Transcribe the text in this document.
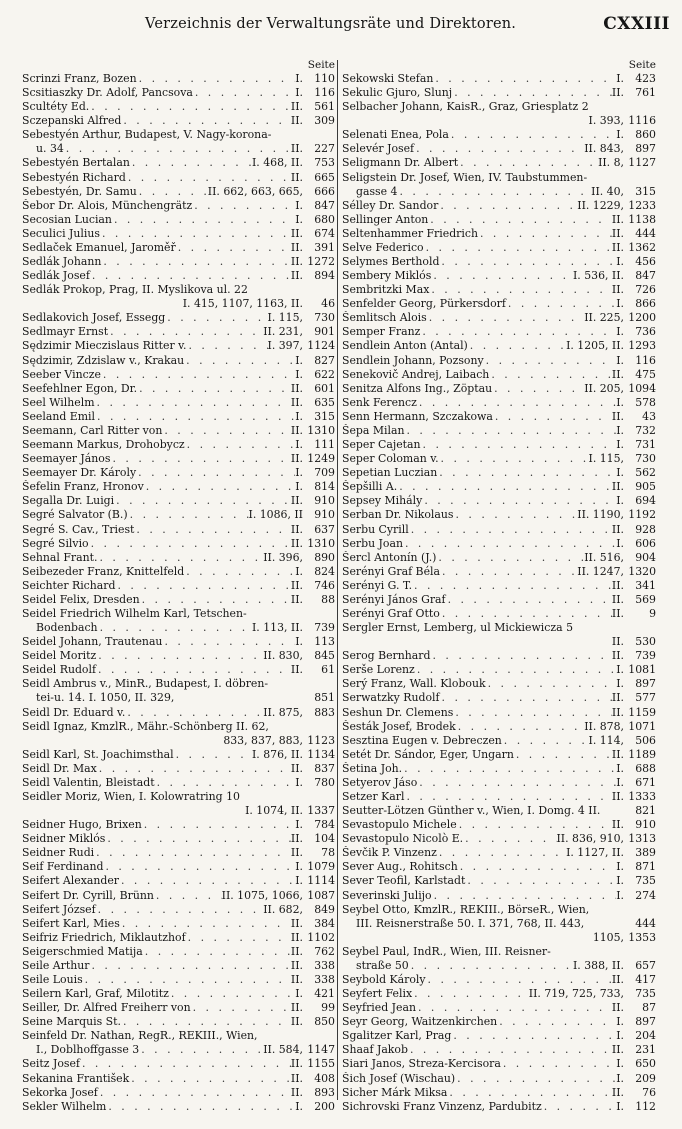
Verzeichnis der Verwaltungsräte und Direktoren.	CXXIII
Seite
Scrinzi Franz, Bozen . . .	I.	110
Scsitiaszky Dr. Adolf, Pancsova . . .	I.	116
Scultéty Ed. . . .	II.	561
Sczepanski Alfred . . .	II.	309
Sebestyén Arthur, Budapest, V. Nagy-korona-
u. 34 . . .	II.	227
Sebestyén Bertalan . . .	I. 468, II.	753
Sebestyén Richard . . .	II.	665
Sebestyén, Dr. Samu . . .	II. 662, 663, 665,	666
Šebor Dr. Alois, Münchengrätz . . .	I.	847
Secosian Lucian . . .	I.	680
Seculici Julius . . .	II.	674
Sedlaček Emanuel, Jaroměř . . .	II.	391
Sedlák Johann . . .	II. 1272
Sedlák Josef . . .	II.	894
Sedlák Prokop, Prag, II. Myslikova ul. 22
I. 415, 1107, 1163, II.	46
Sedlakovich Josef, Essegg . . .	I. 115,	730
Sedlmayr Ernst . . .	II. 231,	901
Sędzimir Mieczislaus Ritter v. . . .	I. 397, 1124
Sędzimir, Zdzislaw v., Krakau . . .	I.	827
Seeber Vincze . . .	I.	622
Seefehlner Egon, Dr. . . .	II.	601
Seel Wilhelm . . .	II.	635
Seeland Emil . . .	I.	315
Seemann, Carl Ritter von . . .	II. 1310
Seemann Markus, Drohobycz . . .	I.	111
Seemayer János . . .	II. 1249
Seemayer Dr. Károly . . .	I.	709
Šefelin Franz, Hronov . . .	I.	814
Segalla Dr. Luigi . . .	II.	910
Segré Salvator (B.) . . .	I. 1086, II	910
Segré S. Cav., Triest . . .	II.	637
Segré Silvio . . .	II. 1310
Sehnal Frant. . . .	II. 396,	890
Seibezeder Franz, Knittelfeld . . .	I.	824
Seichter Richard . . .	II.	746
Seidel Felix, Dresden . . .	II.	88
Seidel Friedrich Wilhelm Karl, Tetschen-
Bodenbach . . .	I. 113, II.	739
Seidel Johann, Trautenau . . .	I.	113
Seidel Moritz . . .	II. 830,	845
Seidel Rudolf . . .	II.	61
Seidl Ambrus v., MinR., Budapest, I. döbren-
tei-u. 14. I. 1050, II. 329,	851
Seidl Dr. Eduard v. . . .	II. 875,	883
Seidl Ignaz, KmzlR., Mähr.-Schönberg II. 62,
833, 837, 883, 1123
Seidl Karl, St. Joachimsthal . . .	I. 876, II. 1134
Seidl Dr. Max . . .	II.	837
Seidl Valentin, Bleistadt . . .	I.	780
Seidler Moriz, Wien, I. Kolowratring 10
I. 1074, II. 1337
Seidner Hugo, Brixen . . .	I.	784
Seidner Miklós . . .	II.	104
Seidner Rudi . . .	II.	78
Seif Ferdinand . . .	I. 1079
Seifert Alexander . . .	I. 1114
Seifert Dr. Cyrill, Brünn . . .	II. 1075, 1066, 1087
Seifert József . . .	II. 682,	849
Seifert Karl, Mies . . .	II.	384
Seifriz Friedrich, Miklautzhof . . .	II. 1102
Seigerschmied Matija . . .	II.	762
Seile Arthur . . .	II.	338
Seile Louis . . .	II.	338
Seilern Karl, Graf, Milotitz . . .	I.	421
Seiller, Dr. Alfred Freiherr von . . .	II.	99
Seine Marquis St. . . .	II.	850
Seinfeld Dr. Nathan, RegR., REKIII., Wien,
I., Doblhoffgasse 3 . . .	II. 584, 1147
Seitz Josef . . .	II. 1155
Sekanina František . . .	II.	408
Sekorka Josef . . .	II.	893
Sekler Wilhelm . . .	I.	200
Seite
Sekowski Stefan . . .	I.	423
Sekulic Gjuro, Slunj . . .	II.	761
Selbacher Johann, KaisR., Graz, Griesplatz 2
I. 393, 1116
Selenati Enea, Pola . . .	I.	860
Selevér Josef . . .	II. 843,	897
Seligmann Dr. Albert . . .	II. 8, 1127
Seligstein Dr. Josef, Wien, IV. Taubstummen-
gasse 4 . . .	II. 40,	315
Sélley Dr. Sandor . . .	II. 1229, 1233
Sellinger Anton . . .	II. 1138
Seltenhammer Friedrich . . .	II.	444
Selve Federico . . .	II. 1362
Selymes Berthold . . .	I.	456
Sembery Miklós . . .	I. 536, II.	847
Sembritzki Max . . .	II.	726
Senfelder Georg, Pürkersdorf . . .	I.	866
Šemlitsch Alois . . .	II. 225, 1200
Semper Franz . . .	I.	736
Sendlein Anton (Antal) . . .	I. 1205, II. 1293
Sendlein Johann, Pozsony . . .	I.	116
Senekovič Andrej, Laibach . . .	II.	475
Senitza Alfons Ing., Zöptau . . .	II. 205, 1094
Senk Ferencz . . .	I.	578
Senn Hermann, Szczakowa . . .	II.	43
Šepa Milan . . .	I.	732
Seper Cajetan . . .	I.	731
Seper Coloman v. . . .	I. 115,	730
Sepetian Luczian . . .	I.	562
Šepšilli A. . . .	II.	905
Sepsey Mihály . . .	I.	694
Serban Dr. Nikolaus . . .	II. 1190, 1192
Serbu Cyrill . . .	II.	928
Serbu Joan . . .	I.	606
Šercl Antonín (J.) . . .	II. 516,	904
Serényi Graf Béla . . .	II. 1247, 1320
Serényi G. T. . . .	II.	341
Serényi János Graf . . .	II.	569
Serényi Graf Otto . . .	II.	9
Sergler Ernst, Lemberg, ul Mickiewicza 5
II.	530
Serog Bernhard . . .	II.	739
Serše Lorenz . . .	I. 1081
Serý Franz, Wall. Klobouk . . .	I.	897
Serwatzky Rudolf . . .	II.	577
Seshun Dr. Clemens . . .	II. 1159
Šesták Josef, Brodek . . .	II. 878, 1071
Sesztina Eugen v. Debreczen . . .	I. 114,	506
Setét Dr. Sándor, Eger, Ungarn . . .	II. 1189
Šetina Joh. . . .	I.	688
Setyerov Jáso . . .	I.	671
Setzer Karl . . .	II. 1333
Seutter-Lötzen Günther v., Wien, I. Domg. 4 II.	821
Sevastopulo Michele . . .	II.	910
Sevastopulo Nicolò E. . . .	II. 836, 910, 1313
Ševčik P. Vinzenz . . .	I. 1127, II.	389
Sever Aug., Rohitsch . . .	I.	871
Sever Teofil, Karlstadt . . .	I.	735
Severinski Julijo . . .	I.	274
Seybel Otto, KmzlR., REKIII., BörseR., Wien,
III. Reisnerstraße 50. I. 371, 768, II. 443,	444
1105, 1353
Seybel Paul, IndR., Wien, III. Reisner-
straße 50 . . .	I. 388, II.	657
Seybold Károly . . .	II.	417
Seyfert Felix . . .	II. 719, 725, 733,	735
Seyfried Jean . . .	II.	87
Seyr Georg, Waitzenkirchen . . .	I.	897
Sgalitzer Karl, Prag . . .	I.	204
Shaaf Jakob . . .	II.	231
Siari Janos, Streza-Kercisora . . .	I.	650
Šich Josef (Wischau) . . .	I.	209
Sicher Márk Miksa . . .	II.	76
Sichrovski Franz Vinzenz, Pardubitz . . .	I.	112
